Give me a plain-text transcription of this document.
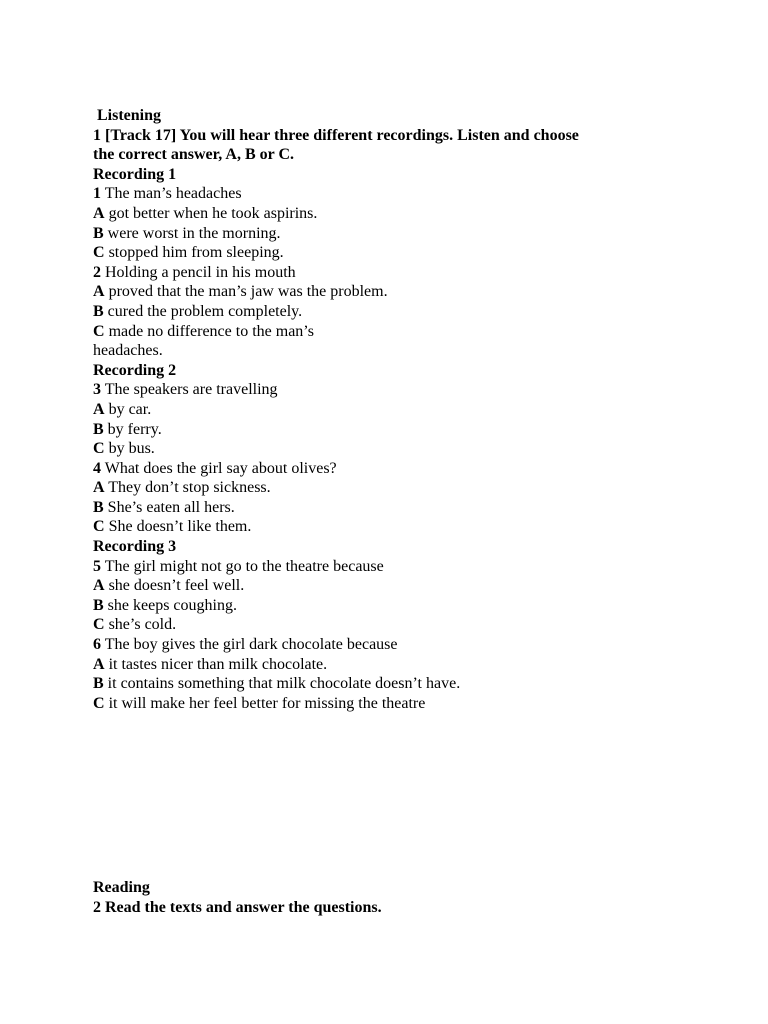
Listening
1 [Track 17] You will hear three different recordings. Listen and choose
the correct answer, A, B or C.
Recording 1
1 The man’s headaches
A got better when he took aspirins.
B were worst in the morning.
C stopped him from sleeping.
2 Holding a pencil in his mouth
A proved that the man’s jaw was the problem.
B cured the problem completely.
C made no difference to the man’s
headaches.
Recording 2
3 The speakers are travelling
A by car.
B by ferry.
C by bus.
4 What does the girl say about olives?
A They don’t stop sickness.
B She’s eaten all hers.
C She doesn’t like them.
Recording 3
5 The girl might not go to the theatre because
A she doesn’t feel well.
B she keeps coughing.
C she’s cold.
6 The boy gives the girl dark chocolate because
A it tastes nicer than milk chocolate.
B it contains something that milk chocolate doesn’t have.
C it will make her feel better for missing the theatre
Reading
2 Read the texts and answer the questions.
